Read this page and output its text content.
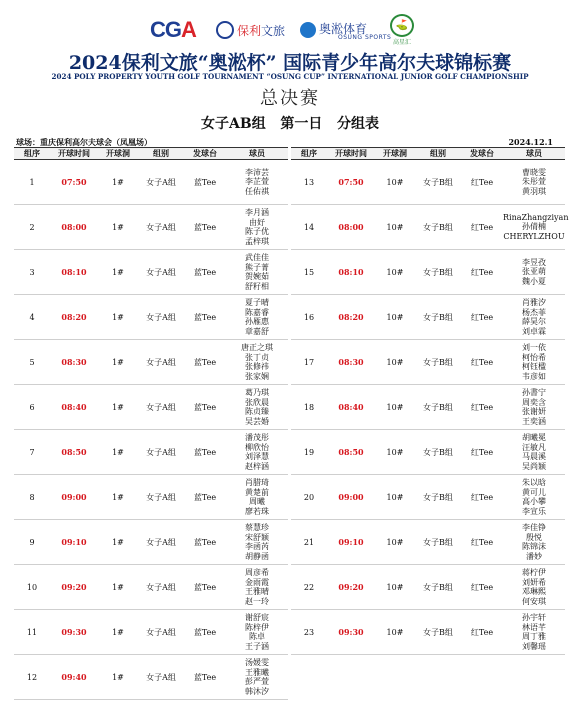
CG A	保利 文旅	奥淞体育
OSUNG SPORTS
⛳
高星汇
2024保利文旅“奥淞杯” 国际青少年高尔夫球锦标赛
2024 POLY PROPERTY YOUTH GOLF TOURNAMENT “OSUNG CUP” INTERNATIONAL JUNIOR GOLF CHAMPIONSHIP
总决赛
女子AB组   第一日   分组表
球场：重庆保利高尔夫球会（凤凰场）	2024.12.1
组序	开球时间	开球洞	组别	发球台	球员
1	07:50	1#	女子A组	蓝Tee	李沛芸
李芷萱
任佑祺

2	08:00	1#	女子A组	蓝Tee	李月涵
由好
陈子优
孟梓琪

3	08:10	1#	女子A组	蓝Tee	武佳佳
熊子菁
贺婉茹
舒籽相

4	08:20	1#	女子A组	蓝Tee	夏子晴
陈嘉睿
孙雁惠
章嘉舒

5	08:30	1#	女子A组	蓝Tee	唐正之琪
张丁贞
张修祎
张家娴

6	08:40	1#	女子A组	蓝Tee	葛乃琪
张欣晨
陈贞臻
吴芸婚

7	08:50	1#	女子A组	蓝Tee	潘茂彤
柳欣怡
刘泽慧
赵梓涵

8	09:00	1#	女子A组	蓝Tee	肖腊琦
黄楚前
周曦
廖若珠

9	09:10	1#	女子A组	蓝Tee	蔡慧珍
宋舒颖
李函芮
胡静函

10	09:20	1#	女子A组	蓝Tee	周彦希
金雨霞
王雅晴
赵一玲

11	09:30	1#	女子A组	蓝Tee	谢舒宸
陈梓伊
陈卓
王子涵

12	09:40	1#	女子A组	蓝Tee	汤媛雯
王雅曦
彭严萱
韩沐汐
组序	开球时间	开球洞	组别	发球台	球员
13	07:50	10#	女子B组	红Tee	曹晓雯
朱彤萱
黄羽琪

14	08:00	10#	女子B组	红Tee	RinaZhangziyan
孙倩楠
CHERYLZHOU

15	08:10	10#	女子B组	红Tee	李昱孜
张亚萌
魏小夏

16	08:20	10#	女子B组	红Tee	肖雅汐
杨杰菲
薛昊尔
刘卓霖

17	08:30	10#	女子B组	红Tee	刘一依
柯怡希
柯钰楹
韦彦如

18	08:40	10#	女子B组	红Tee	孙書宁
周奕含
张谢妍
王奕涵

19	08:50	10#	女子B组	红Tee	胡曦冕
汪敏凡
马晨溪
吴尚颖

20	09:00	10#	女子B组	红Tee	朱以晗
黄可儿
高小攀
李宣乐

21	09:10	10#	女子B组	红Tee	李佳铮
殷悦
陈锦沫
潘妙

22	09:20	10#	女子B组	红Tee	蒋柠伊
刘妍希
邓琳熙
何安琪

23	09:30	10#	女子B组	红Tee	孙宇轩
林语芊
周丁雅
刘馨瑶
